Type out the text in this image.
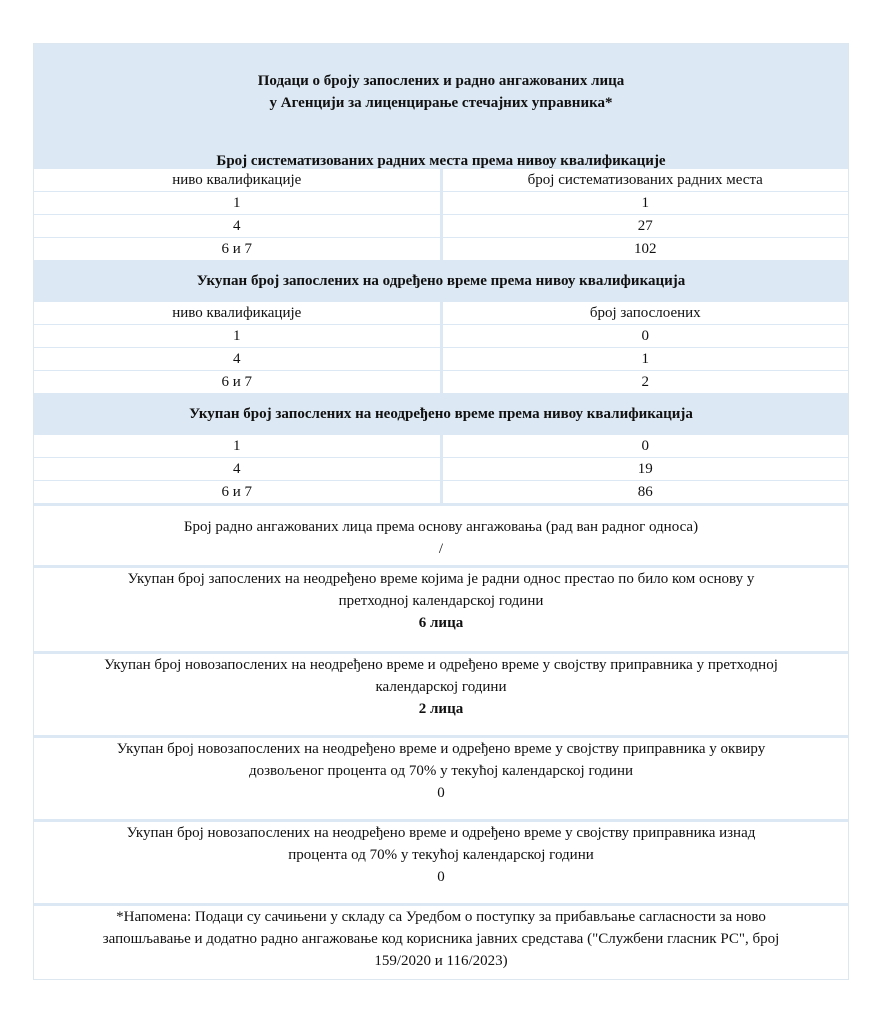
Подаци о броју запослених и радно ангажованих лица
у Агенцији за лиценцирање стечајних управника*
Број систематизованих радних места према нивоу квалификације
ниво квалификације	број систематизованих радних места
1	1
4	27
6 и 7	102
Укупан број запослених на одређено време према нивоу квалификација
ниво квалификације	број запослоених
1	0
4	1
6 и 7	2
Укупан број запослених на неодређено време према нивоу квалификација
1	0
4	19
6 и 7	86
Број радно ангажованих лица према основу ангажовања (рад ван радног односа)
/
Укупан број запослених на неодређено време којима је радни однос престао по било ком основу у
претходној календарској години
6 лица
Укупан број новозапослених на неодређено време и одређено време у својству приправника у претходној
календарској години
2 лица
Укупан број новозапослених на неодређено време и одређено време у својству приправника у оквиру
дозвољеног процента од 70% у текућој календарској години
0
Укупан број новозапослених на неодређено време и одређено време у својству приправника изнад
процента од 70% у текућој календарској години
0
*Напомена: Подаци су сачињени у складу са Уредбом о поступку за прибављање сагласности за ново
запошљавање и додатно радно ангажовање код корисника јавних средстава ("Службени гласник РС", број
159/2020 и 116/2023)
